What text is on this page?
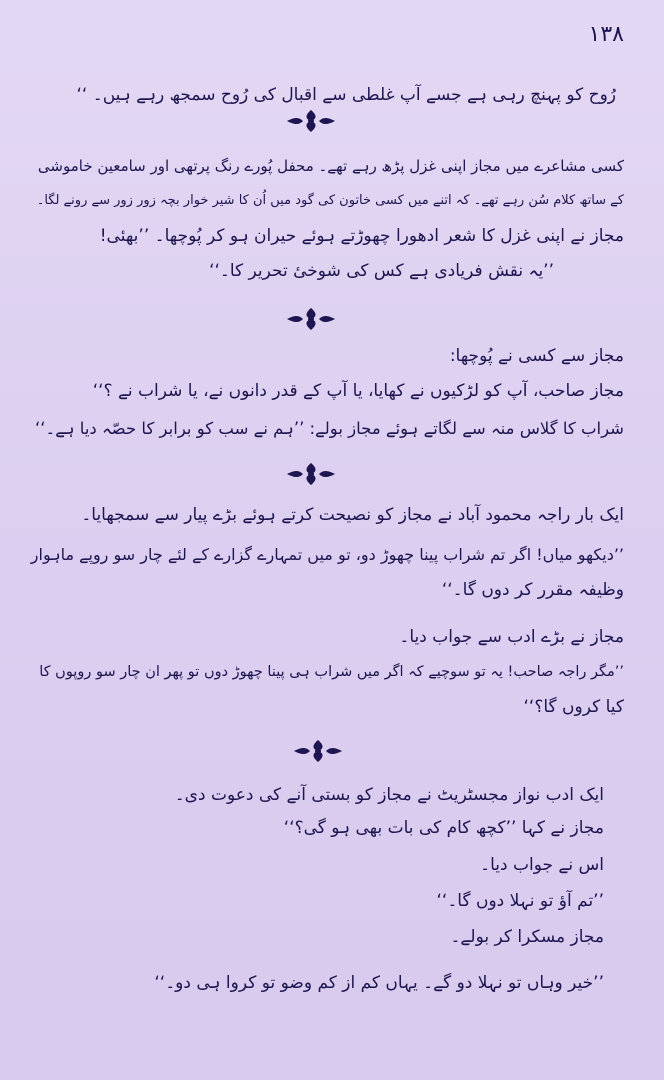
۱۳۸
رُوح کو پہنچ رہی ہے جسے آپ غلطی سے اقبال کی رُوح سمجھ رہے ہیں۔ ‘‘
کسی مشاعرے میں مجاز اپنی غزل پڑھ رہے تھے۔ محفل پُورے رنگ پرتھی اور سامعین خاموشی
کے ساتھ کلام سُن رہے تھے۔ کہ اتنے میں کسی خاتون کی گود میں اُن کا شیر خوار بچہ زور زور سے رونے لگا۔
مجاز نے اپنی غزل کا شعر ادھورا چھوڑتے ہوئے حیران ہو کر پُوچھا۔ ’’بھئی!
’’یہ نقش فریادی ہے کس کی شوخیٔ تحریر کا۔‘‘
مجاز سے کسی نے پُوچھا:
مجاز صاحب، آپ کو لڑکیوں نے کھایا، یا آپ کے قدر دانوں نے، یا شراب نے ؟‘‘
شراب کا گلاس منہ سے لگاتے ہوئے مجاز بولے: ’’ہم نے سب کو برابر کا حصّہ دیا ہے۔‘‘
ایک بار راجہ محمود آباد نے مجاز کو نصیحت کرتے ہوئے بڑے پیار سے سمجھایا۔
’’دیکھو میاں! اگر تم شراب پینا چھوڑ دو، تو میں تمہارے گزارے کے لئے چار سو روپے ماہوار
وظیفہ مقرر کر دوں گا۔‘‘
مجاز نے بڑے ادب سے جواب دیا۔
’’مگر راجہ صاحب! یہ تو سوچیے کہ اگر میں شراب ہی پینا چھوڑ دوں تو پھر ان چار سو روپوں کا
کیا کروں گا؟‘‘
ایک ادب نواز مجسٹریٹ نے مجاز کو بستی آنے کی دعوت دی۔
مجاز نے کہا ’’کچھ کام کی بات بھی ہو گی؟‘‘
اس نے جواب دیا۔
’’تم آؤ تو نہلا دوں گا۔‘‘
مجاز مسکرا کر بولے۔
’’خیر وہاں تو نہلا دو گے۔ یہاں کم از کم وضو تو کروا ہی دو۔‘‘
